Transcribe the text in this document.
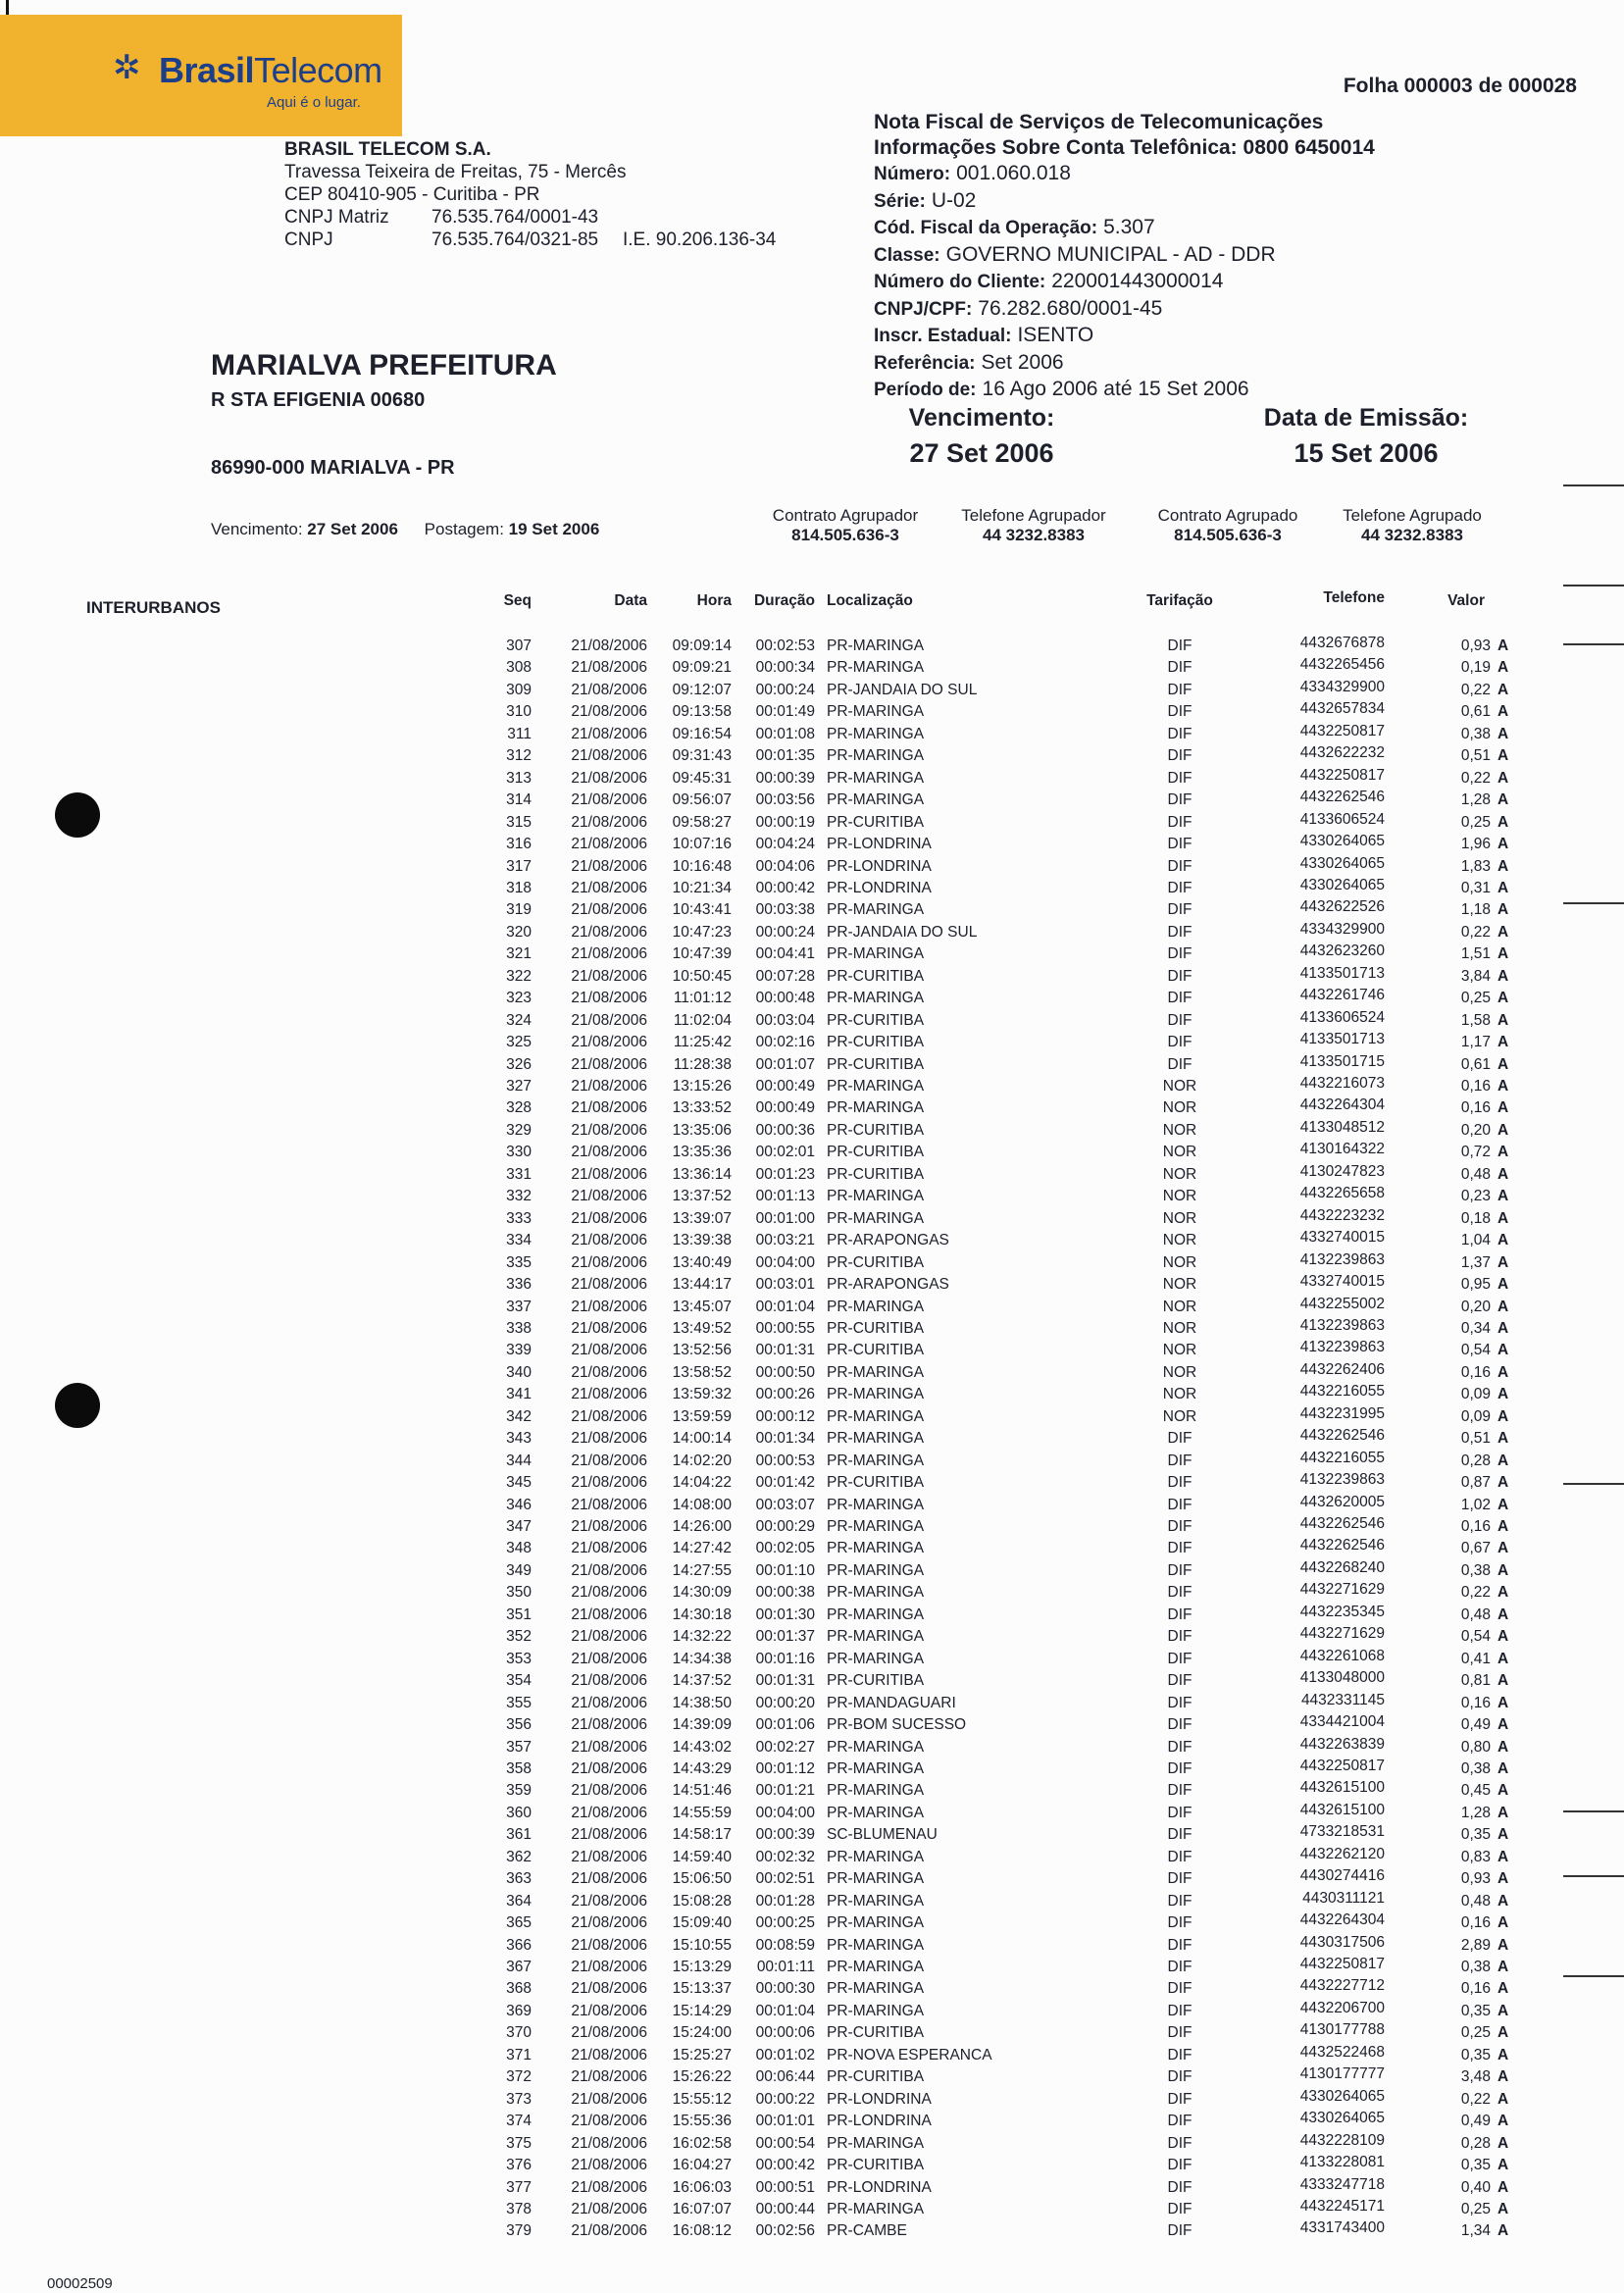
✲ BrasilTelecom
Aqui é o lugar.
Folha 000003 de 000028
BRASIL TELECOM S.A.
Travessa Teixeira de Freitas, 75 - Mercês
CEP 80410-905 - Curitiba - PR
CNPJ Matriz 76.535.764/0001-43
CNPJ	76.535.764/0321-85 I.E. 90.206.136-34
Nota Fiscal de Serviços de Telecomunicações
Informações Sobre Conta Telefônica: 0800 6450014
Número: 001.060.018
Série: U-02
Cód. Fiscal da Operação: 5.307
Classe: GOVERNO MUNICIPAL - AD - DDR
Número do Cliente: 220001443000014
CNPJ/CPF: 76.282.680/0001-45
Inscr. Estadual: ISENTO
Referência: Set 2006
Período de: 16 Ago 2006 até 15 Set 2006
MARIALVA PREFEITURA
R STA EFIGENIA 00680
86990-000 MARIALVA - PR
Vencimento:
27 Set 2006
Data de Emissão:
15 Set 2006
Vencimento: 27 Set 2006 Postagem: 19 Set 2006
Contrato Agrupador
814.505.636-3
Telefone Agrupador
44 3232.8383
Contrato Agrupado
814.505.636-3
Telefone Agrupado
44 3232.8383
INTERURBANOS	Seq	Data	Hora	Duração Localização	Tarifação	Telefone	Valor
307	21/08/2006	09:09:14	00:02:53 PR-MARINGA	DIF	4432676878	0,93 A
308	21/08/2006	09:09:21	00:00:34 PR-MARINGA	DIF	4432265456	0,19 A
309	21/08/2006	09:12:07	00:00:24 PR-JANDAIA DO SUL	DIF	4334329900	0,22 A
310	21/08/2006	09:13:58	00:01:49 PR-MARINGA	DIF	4432657834	0,61 A
311	21/08/2006	09:16:54	00:01:08 PR-MARINGA	DIF	4432250817	0,38 A
312	21/08/2006	09:31:43	00:01:35 PR-MARINGA	DIF	4432622232	0,51 A
313	21/08/2006	09:45:31	00:00:39 PR-MARINGA	DIF	4432250817	0,22 A
314	21/08/2006	09:56:07	00:03:56 PR-MARINGA	DIF	4432262546	1,28 A
315	21/08/2006	09:58:27	00:00:19 PR-CURITIBA	DIF	4133606524	0,25 A
316	21/08/2006	10:07:16	00:04:24 PR-LONDRINA	DIF	4330264065	1,96 A
317	21/08/2006	10:16:48	00:04:06 PR-LONDRINA	DIF	4330264065	1,83 A
318	21/08/2006	10:21:34	00:00:42 PR-LONDRINA	DIF	4330264065	0,31 A
319	21/08/2006	10:43:41	00:03:38 PR-MARINGA	DIF	4432622526	1,18 A
320	21/08/2006	10:47:23	00:00:24 PR-JANDAIA DO SUL	DIF	4334329900	0,22 A
321	21/08/2006	10:47:39	00:04:41 PR-MARINGA	DIF	4432623260	1,51 A
322	21/08/2006	10:50:45	00:07:28 PR-CURITIBA	DIF	4133501713	3,84 A
323	21/08/2006	11:01:12	00:00:48 PR-MARINGA	DIF	4432261746	0,25 A
324	21/08/2006	11:02:04	00:03:04 PR-CURITIBA	DIF	4133606524	1,58 A
325	21/08/2006	11:25:42	00:02:16 PR-CURITIBA	DIF	4133501713	1,17 A
326	21/08/2006	11:28:38	00:01:07 PR-CURITIBA	DIF	4133501715	0,61 A
327	21/08/2006	13:15:26	00:00:49 PR-MARINGA	NOR	4432216073	0,16 A
328	21/08/2006	13:33:52	00:00:49 PR-MARINGA	NOR	4432264304	0,16 A
329	21/08/2006	13:35:06	00:00:36 PR-CURITIBA	NOR	4133048512	0,20 A
330	21/08/2006	13:35:36	00:02:01 PR-CURITIBA	NOR	4130164322	0,72 A
331	21/08/2006	13:36:14	00:01:23 PR-CURITIBA	NOR	4130247823	0,48 A
332	21/08/2006	13:37:52	00:01:13 PR-MARINGA	NOR	4432265658	0,23 A
333	21/08/2006	13:39:07	00:01:00 PR-MARINGA	NOR	4432223232	0,18 A
334	21/08/2006	13:39:38	00:03:21 PR-ARAPONGAS	NOR	4332740015	1,04 A
335	21/08/2006	13:40:49	00:04:00 PR-CURITIBA	NOR	4132239863	1,37 A
336	21/08/2006	13:44:17	00:03:01 PR-ARAPONGAS	NOR	4332740015	0,95 A
337	21/08/2006	13:45:07	00:01:04 PR-MARINGA	NOR	4432255002	0,20 A
338	21/08/2006	13:49:52	00:00:55 PR-CURITIBA	NOR	4132239863	0,34 A
339	21/08/2006	13:52:56	00:01:31 PR-CURITIBA	NOR	4132239863	0,54 A
340	21/08/2006	13:58:52	00:00:50 PR-MARINGA	NOR	4432262406	0,16 A
341	21/08/2006	13:59:32	00:00:26 PR-MARINGA	NOR	4432216055	0,09 A
342	21/08/2006	13:59:59	00:00:12 PR-MARINGA	NOR	4432231995	0,09 A
343	21/08/2006	14:00:14	00:01:34 PR-MARINGA	DIF	4432262546	0,51 A
344	21/08/2006	14:02:20	00:00:53 PR-MARINGA	DIF	4432216055	0,28 A
345	21/08/2006	14:04:22	00:01:42 PR-CURITIBA	DIF	4132239863	0,87 A
346	21/08/2006	14:08:00	00:03:07 PR-MARINGA	DIF	4432620005	1,02 A
347	21/08/2006	14:26:00	00:00:29 PR-MARINGA	DIF	4432262546	0,16 A
348	21/08/2006	14:27:42	00:02:05 PR-MARINGA	DIF	4432262546	0,67 A
349	21/08/2006	14:27:55	00:01:10 PR-MARINGA	DIF	4432268240	0,38 A
350	21/08/2006	14:30:09	00:00:38 PR-MARINGA	DIF	4432271629	0,22 A
351	21/08/2006	14:30:18	00:01:30 PR-MARINGA	DIF	4432235345	0,48 A
352	21/08/2006	14:32:22	00:01:37 PR-MARINGA	DIF	4432271629	0,54 A
353	21/08/2006	14:34:38	00:01:16 PR-MARINGA	DIF	4432261068	0,41 A
354	21/08/2006	14:37:52	00:01:31 PR-CURITIBA	DIF	4133048000	0,81 A
355	21/08/2006	14:38:50	00:00:20 PR-MANDAGUARI	DIF	4432331145	0,16 A
356	21/08/2006	14:39:09	00:01:06 PR-BOM SUCESSO	DIF	4334421004	0,49 A
357	21/08/2006	14:43:02	00:02:27 PR-MARINGA	DIF	4432263839	0,80 A
358	21/08/2006	14:43:29	00:01:12 PR-MARINGA	DIF	4432250817	0,38 A
359	21/08/2006	14:51:46	00:01:21 PR-MARINGA	DIF	4432615100	0,45 A
360	21/08/2006	14:55:59	00:04:00 PR-MARINGA	DIF	4432615100	1,28 A
361	21/08/2006	14:58:17	00:00:39 SC-BLUMENAU	DIF	4733218531	0,35 A
362	21/08/2006	14:59:40	00:02:32 PR-MARINGA	DIF	4432262120	0,83 A
363	21/08/2006	15:06:50	00:02:51 PR-MARINGA	DIF	4430274416	0,93 A
364	21/08/2006	15:08:28	00:01:28 PR-MARINGA	DIF	4430311121	0,48 A
365	21/08/2006	15:09:40	00:00:25 PR-MARINGA	DIF	4432264304	0,16 A
366	21/08/2006	15:10:55	00:08:59 PR-MARINGA	DIF	4430317506	2,89 A
367	21/08/2006	15:13:29	00:01:11 PR-MARINGA	DIF	4432250817	0,38 A
368	21/08/2006	15:13:37	00:00:30 PR-MARINGA	DIF	4432227712	0,16 A
369	21/08/2006	15:14:29	00:01:04 PR-MARINGA	DIF	4432206700	0,35 A
370	21/08/2006	15:24:00	00:00:06 PR-CURITIBA	DIF	4130177788	0,25 A
371	21/08/2006	15:25:27	00:01:02 PR-NOVA ESPERANCA	DIF	4432522468	0,35 A
372	21/08/2006	15:26:22	00:06:44 PR-CURITIBA	DIF	4130177777	3,48 A
373	21/08/2006	15:55:12	00:00:22 PR-LONDRINA	DIF	4330264065	0,22 A
374	21/08/2006	15:55:36	00:01:01 PR-LONDRINA	DIF	4330264065	0,49 A
375	21/08/2006	16:02:58	00:00:54 PR-MARINGA	DIF	4432228109	0,28 A
376	21/08/2006	16:04:27	00:00:42 PR-CURITIBA	DIF	4133228081	0,35 A
377	21/08/2006	16:06:03	00:00:51 PR-LONDRINA	DIF	4333247718	0,40 A
378	21/08/2006	16:07:07	00:00:44 PR-MARINGA	DIF	4432245171	0,25 A
379	21/08/2006	16:08:12	00:02:56 PR-CAMBE	DIF	4331743400	1,34 A
00002509
